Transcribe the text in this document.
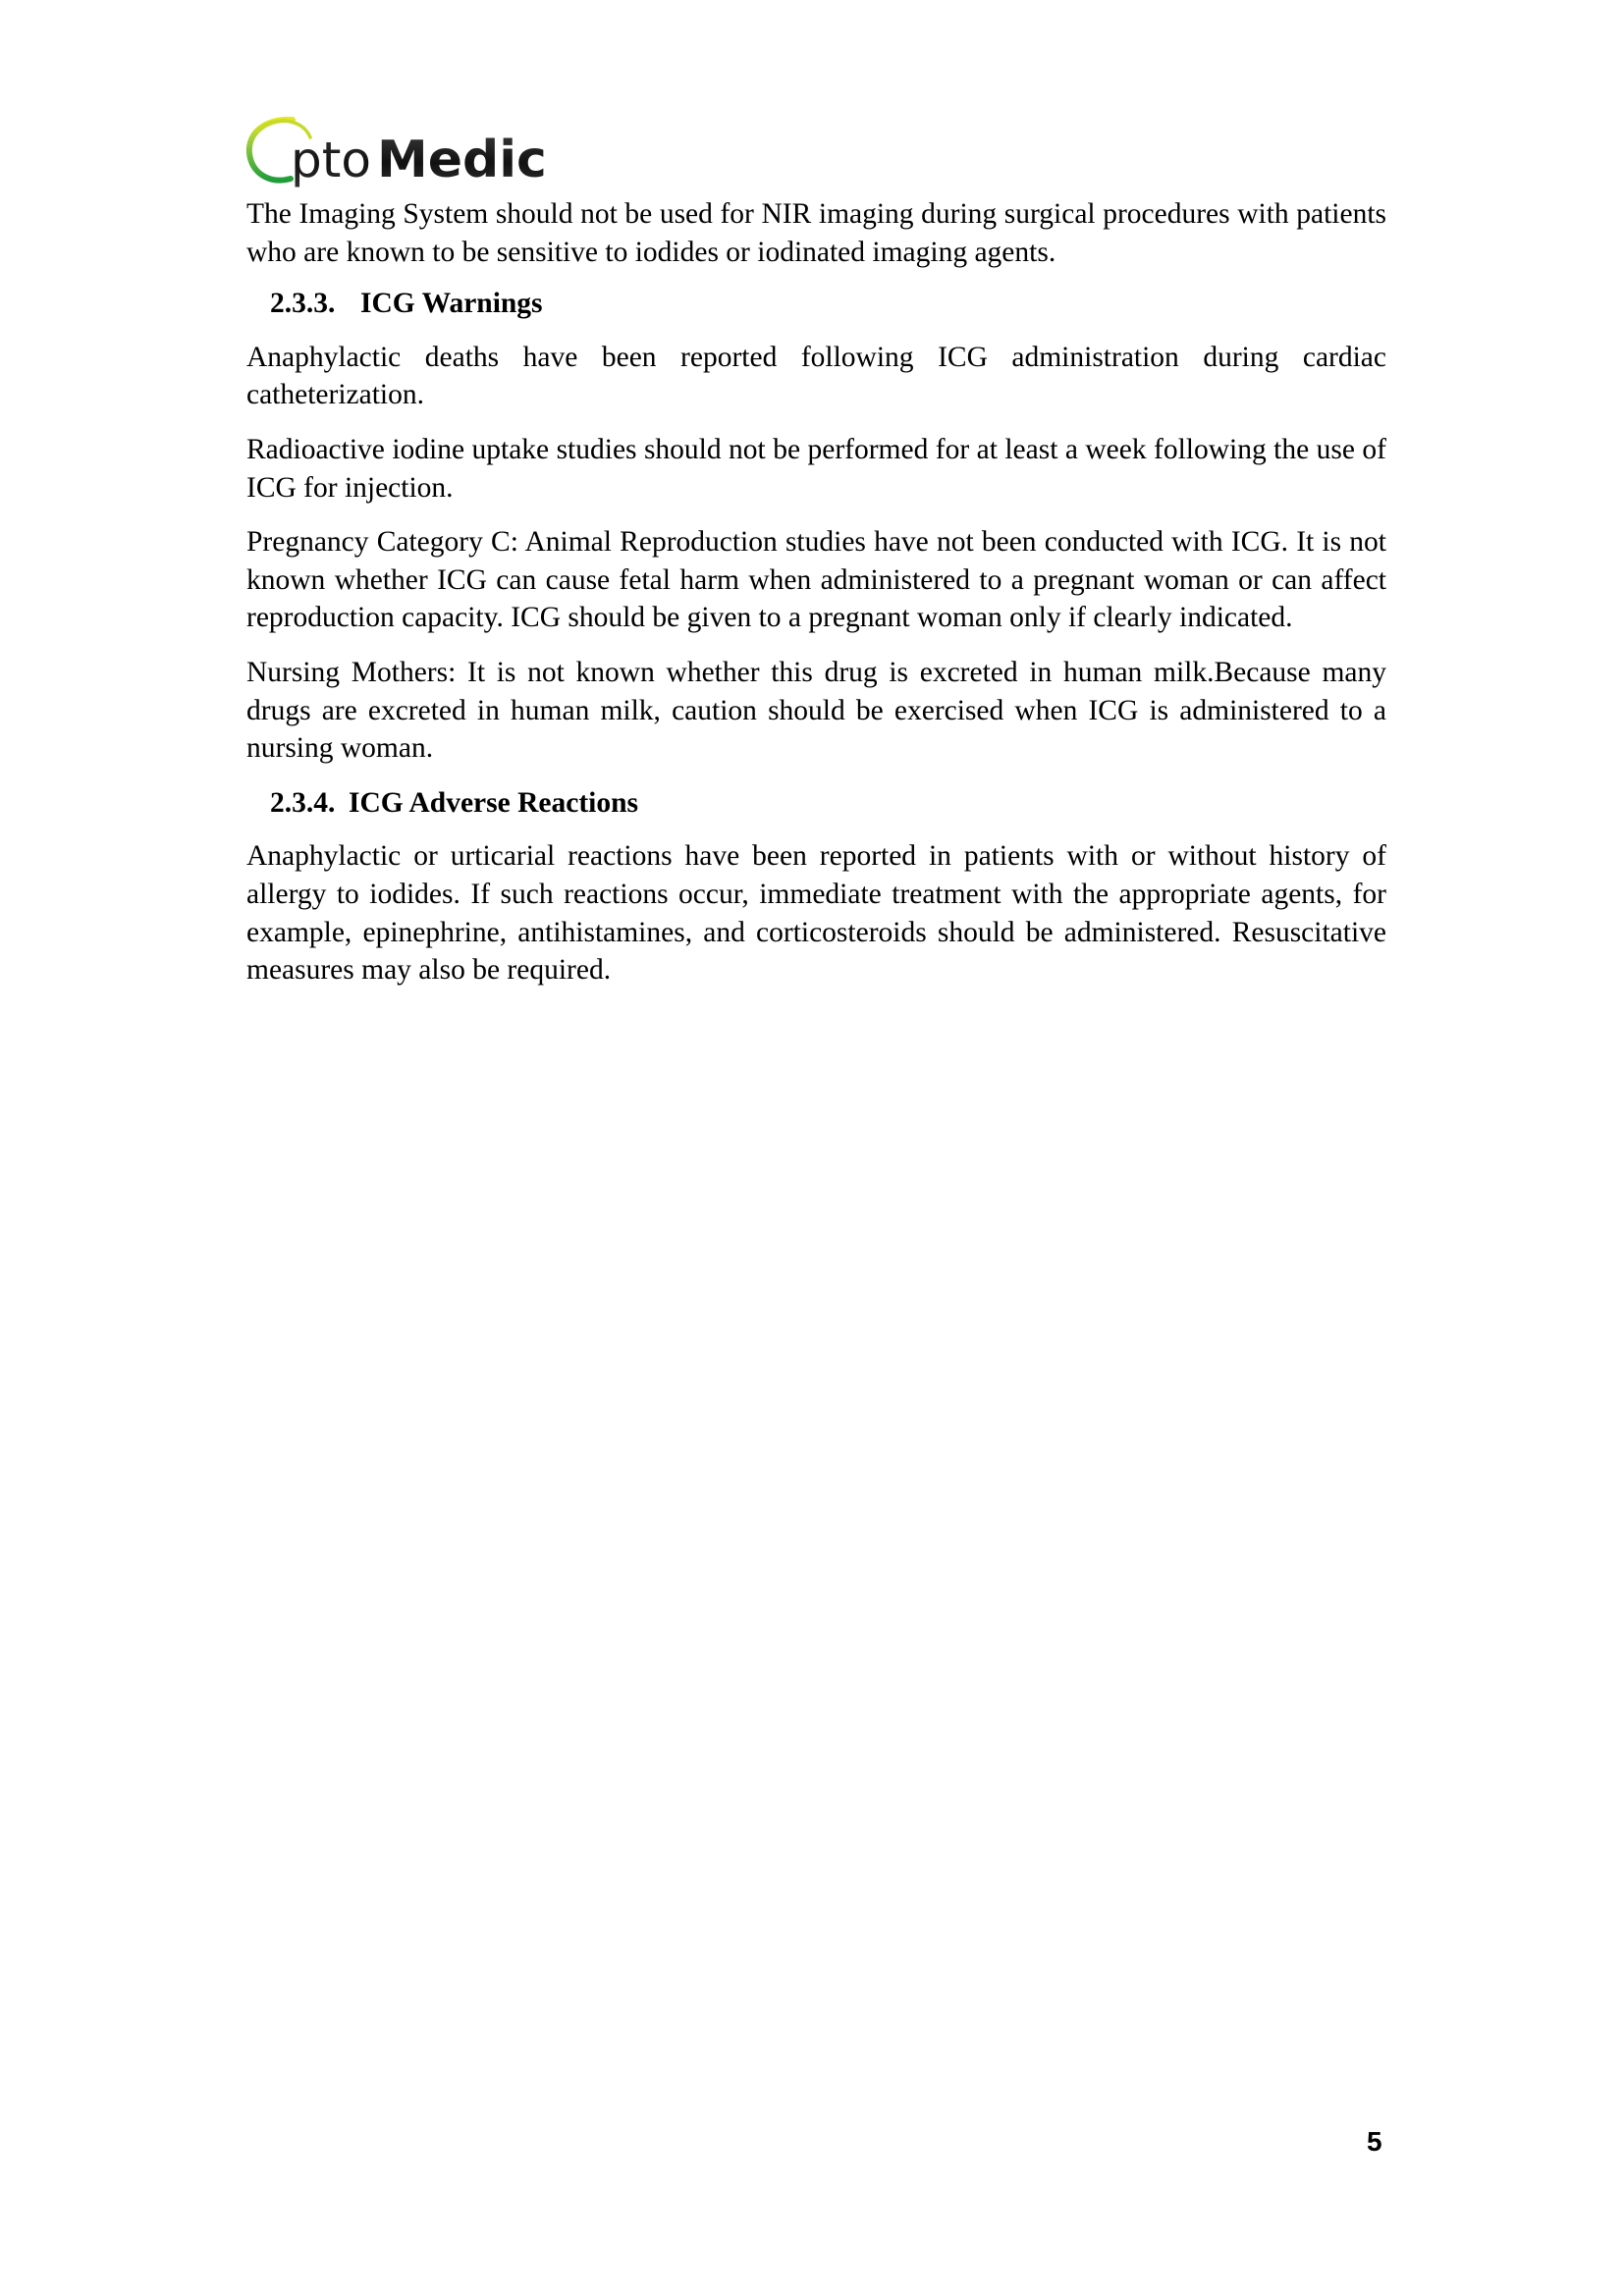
pto Medic

The Imaging System should not be used for NIR imaging during surgical procedures with patients who are known to be sensitive to iodides or iodinated imaging agents.

2.3.3. ICG Warnings

Anaphylactic deaths have been reported following ICG administration during cardiac catheterization.

Radioactive iodine uptake studies should not be performed for at least a week following the use of ICG for injection.

Pregnancy Category C: Animal Reproduction studies have not been conducted with ICG. It is not known whether ICG can cause fetal harm when administered to a pregnant woman or can affect reproduction capacity. ICG should be given to a pregnant woman only if clearly indicated.

Nursing Mothers: It is not known whether this drug is excreted in human milk.Because many drugs are excreted in human milk, caution should be exercised when ICG is administered to a nursing woman.

2.3.4. ICG Adverse Reactions

Anaphylactic or urticarial reactions have been reported in patients with or without history of allergy to iodides. If such reactions occur, immediate treatment with the appropriate agents, for example, epinephrine, antihistamines, and corticosteroids should be administered. Resuscitative measures may also be required.

5
